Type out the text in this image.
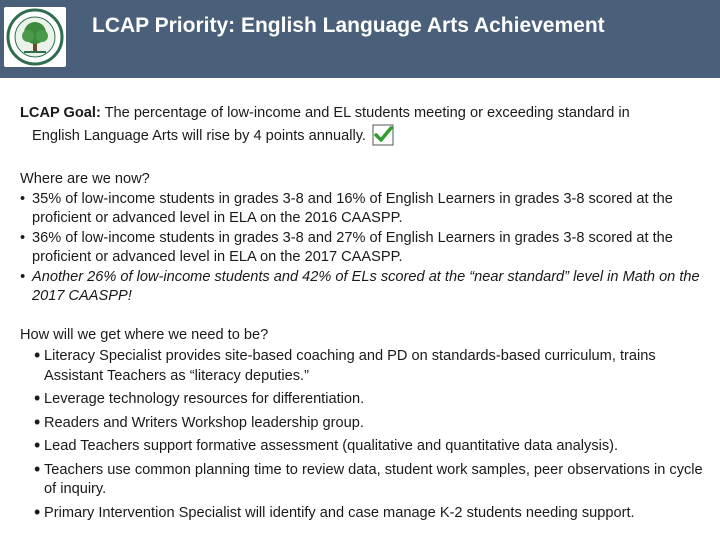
LCAP Priority: English Language Arts Achievement
LCAP Goal: The percentage of low-income and EL students meeting or exceeding standard in
English Language Arts will rise by 4 points annually.
Where are we now?
• 35% of low-income students in grades 3-8 and 16% of English Learners in grades 3-8 scored at the proficient or advanced level in ELA on the 2016 CAASPP.
• 36% of low-income students in grades 3-8 and 27% of English Learners in grades 3-8 scored at the proficient or advanced level in ELA on the 2017 CAASPP.
• Another 26% of low-income students and 42% of ELs scored at the “near standard” level in Math on the 2017 CAASPP!
How will we get where we need to be?
• Literacy Specialist provides site-based coaching and PD on standards-based curriculum, trains Assistant Teachers as “literacy deputies.”
• Leverage technology resources for differentiation.
• Readers and Writers Workshop leadership group.
• Lead Teachers support formative assessment (qualitative and quantitative data analysis).
• Teachers use common planning time to review data, student work samples, peer observations in cycle of inquiry.
• Primary Intervention Specialist will identify and case manage K-2 students needing support.
